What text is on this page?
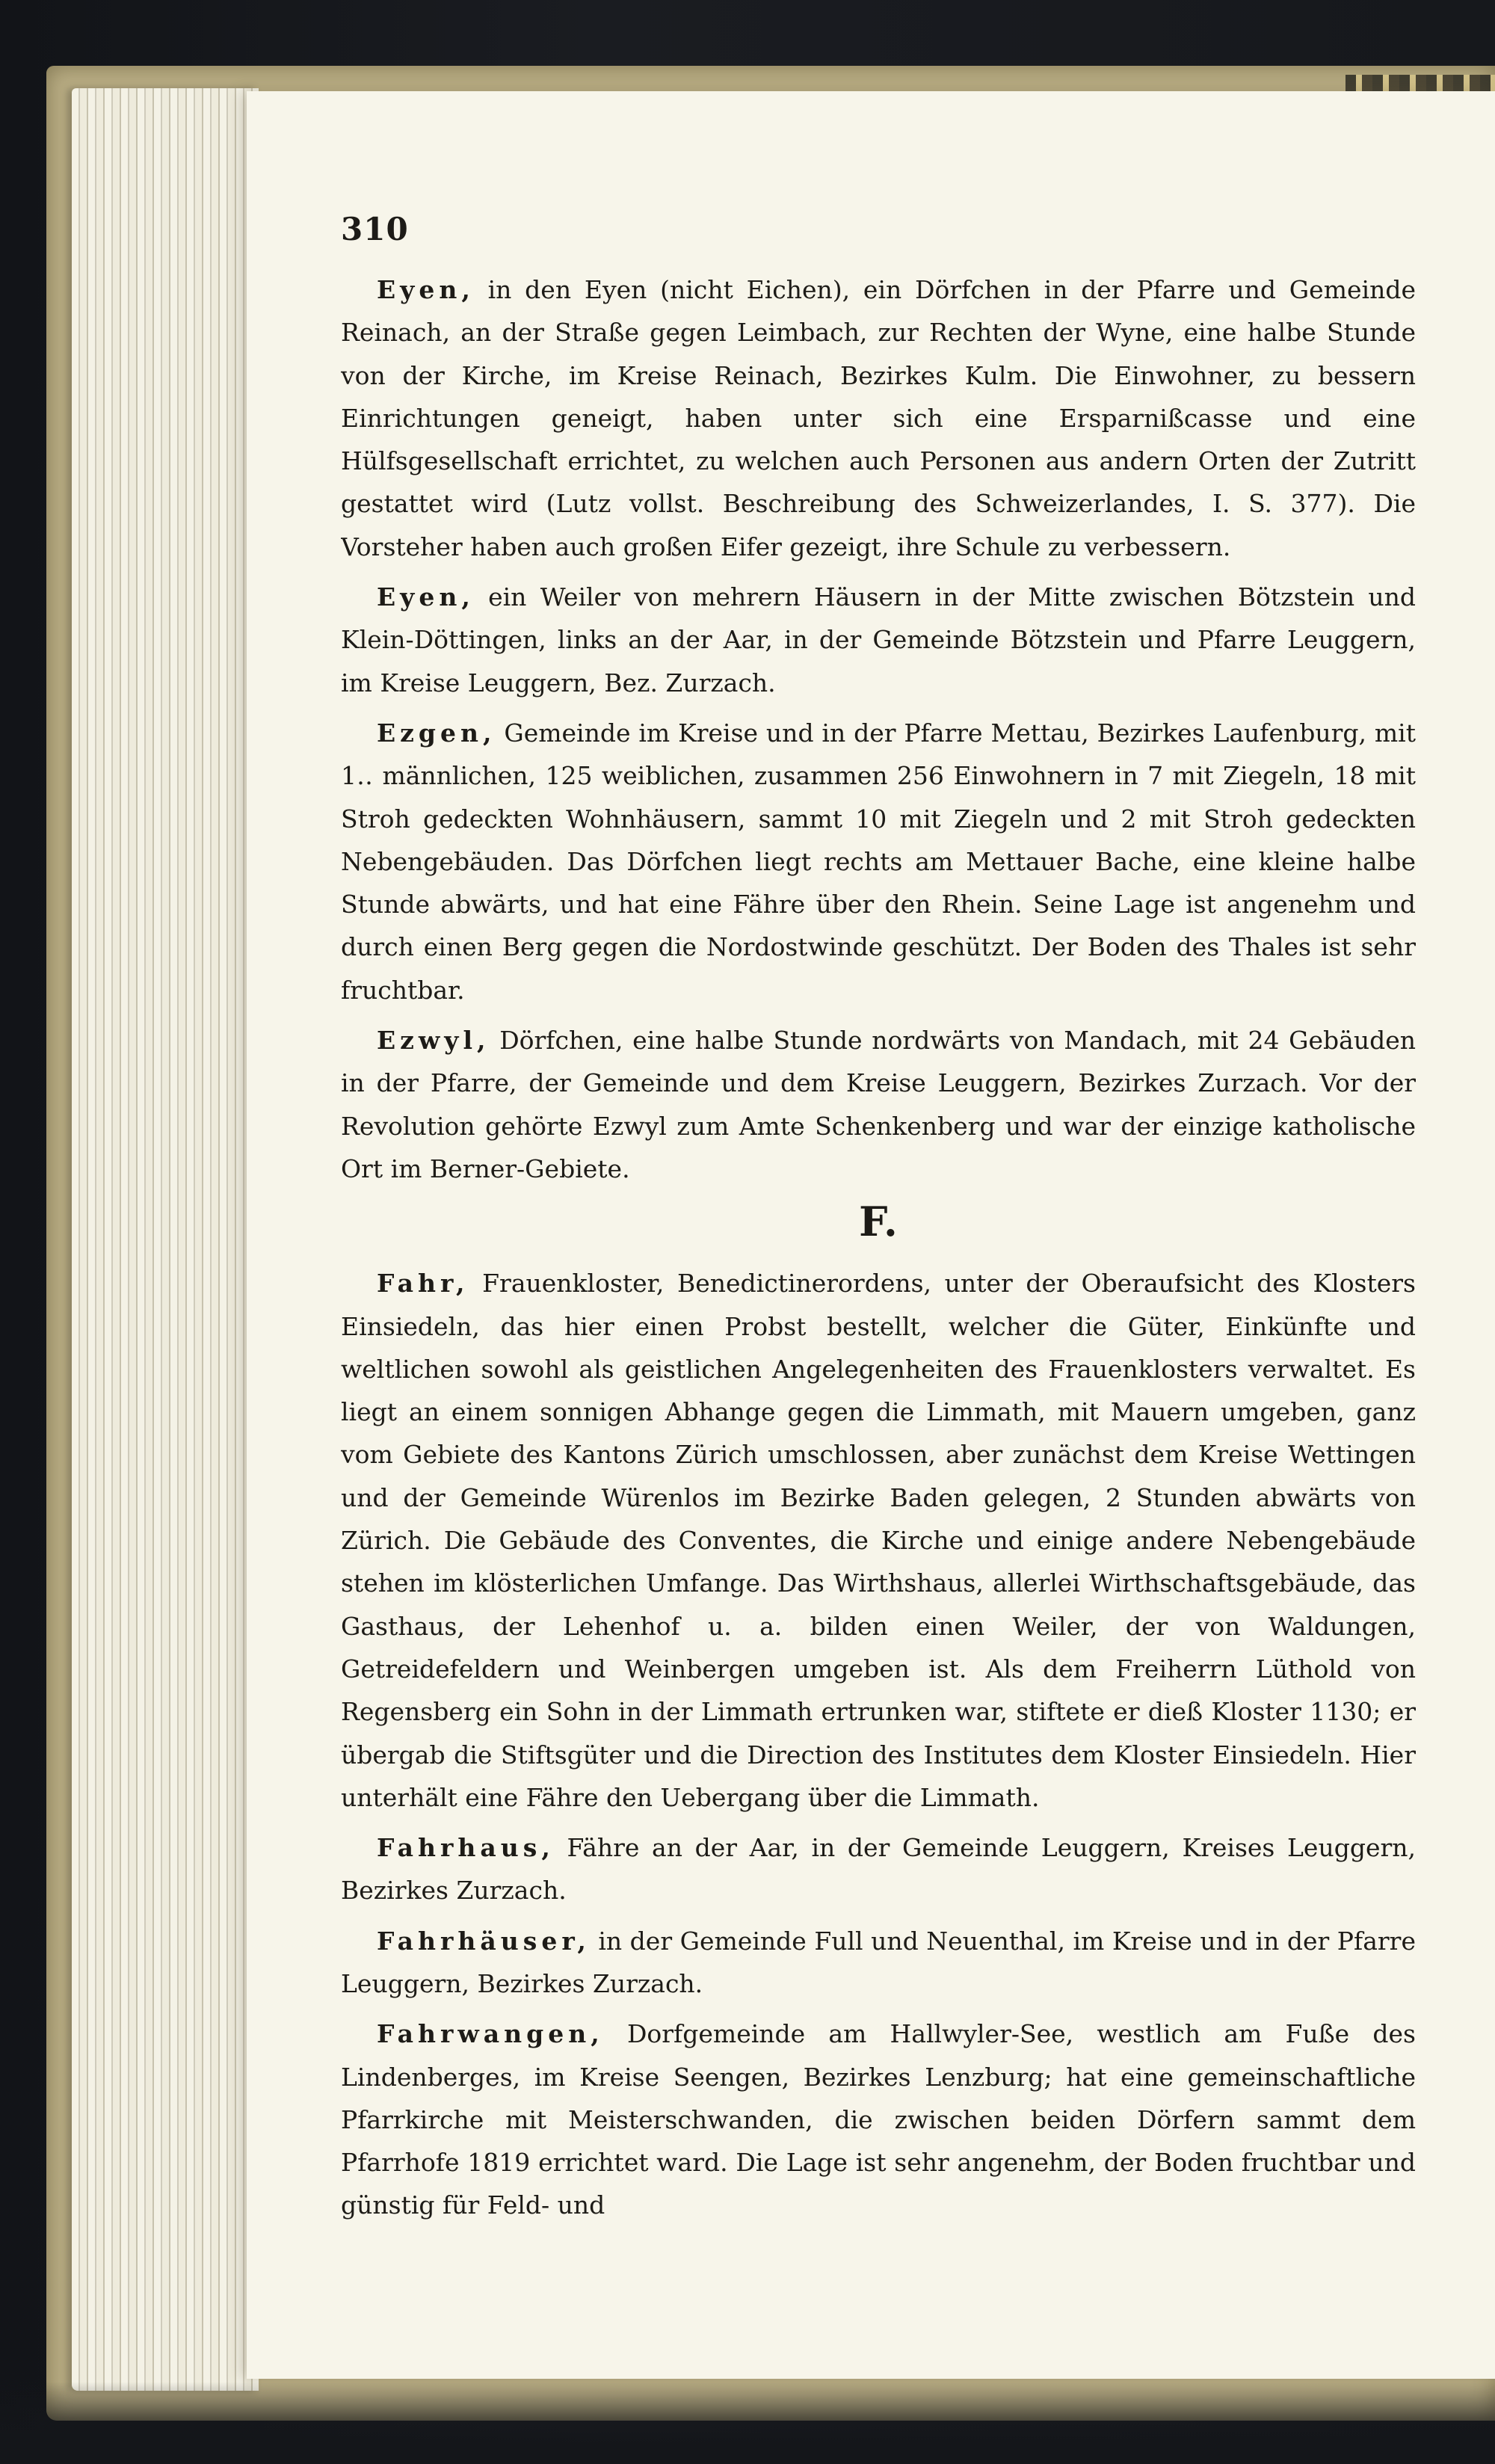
310

Eyen, in den Eyen (nicht Eichen), ein Dörfchen in der Pfarre und Gemeinde Reinach, an der Straße gegen Leimbach, zur Rechten der Wyne, eine halbe Stunde von der Kirche, im Kreise Reinach, Bezirkes Kulm. Die Einwohner, zu bessern Einrichtungen geneigt, haben unter sich eine Ersparnißcasse und eine Hülfsgesellschaft errichtet, zu welchen auch Personen aus andern Orten der Zutritt gestattet wird (Lutz vollst. Beschreibung des Schweizerlandes, I. S. 377). Die Vorsteher haben auch großen Eifer gezeigt, ihre Schule zu verbessern.

Eyen, ein Weiler von mehrern Häusern in der Mitte zwischen Bötzstein und Klein-Döttingen, links an der Aar, in der Gemeinde Bötzstein und Pfarre Leuggern, im Kreise Leuggern, Bez. Zurzach.

Ezgen, Gemeinde im Kreise und in der Pfarre Mettau, Bezirkes Laufenburg, mit 1‥ männlichen, 125 weiblichen, zusammen 256 Einwohnern in 7 mit Ziegeln, 18 mit Stroh gedeckten Wohnhäusern, sammt 10 mit Ziegeln und 2 mit Stroh gedeckten Nebengebäuden. Das Dörfchen liegt rechts am Mettauer Bache, eine kleine halbe Stunde abwärts, und hat eine Fähre über den Rhein. Seine Lage ist angenehm und durch einen Berg gegen die Nordostwinde geschützt. Der Boden des Thales ist sehr fruchtbar.

Ezwyl, Dörfchen, eine halbe Stunde nordwärts von Mandach, mit 24 Gebäuden in der Pfarre, der Gemeinde und dem Kreise Leuggern, Bezirkes Zurzach. Vor der Revolution gehörte Ezwyl zum Amte Schenkenberg und war der einzige katholische Ort im Berner-Gebiete.

F.

Fahr, Frauenkloster, Benedictinerordens, unter der Oberaufsicht des Klosters Einsiedeln, das hier einen Probst bestellt, welcher die Güter, Einkünfte und weltlichen sowohl als geistlichen Angelegenheiten des Frauenklosters verwaltet. Es liegt an einem sonnigen Abhange gegen die Limmath, mit Mauern umgeben, ganz vom Gebiete des Kantons Zürich umschlossen, aber zunächst dem Kreise Wettingen und der Gemeinde Würenlos im Bezirke Baden gelegen, 2 Stunden abwärts von Zürich. Die Gebäude des Conventes, die Kirche und einige andere Nebengebäude stehen im klösterlichen Umfange. Das Wirthshaus, allerlei Wirthschaftsgebäude, das Gasthaus, der Lehenhof u. a. bilden einen Weiler, der von Waldungen, Getreidefeldern und Weinbergen umgeben ist. Als dem Freiherrn Lüthold von Regensberg ein Sohn in der Limmath ertrunken war, stiftete er dieß Kloster 1130; er übergab die Stiftsgüter und die Direction des Institutes dem Kloster Einsiedeln. Hier unterhält eine Fähre den Uebergang über die Limmath.

Fahrhaus, Fähre an der Aar, in der Gemeinde Leuggern, Kreises Leuggern, Bezirkes Zurzach.

Fahrhäuser, in der Gemeinde Full und Neuenthal, im Kreise und in der Pfarre Leuggern, Bezirkes Zurzach.

Fahrwangen, Dorfgemeinde am Hallwyler-See, westlich am Fuße des Lindenberges, im Kreise Seengen, Bezirkes Lenzburg; hat eine gemeinschaftliche Pfarrkirche mit Meisterschwanden, die zwischen beiden Dörfern sammt dem Pfarrhofe 1819 errichtet ward. Die Lage ist sehr angenehm, der Boden fruchtbar und günstig für Feld- und
